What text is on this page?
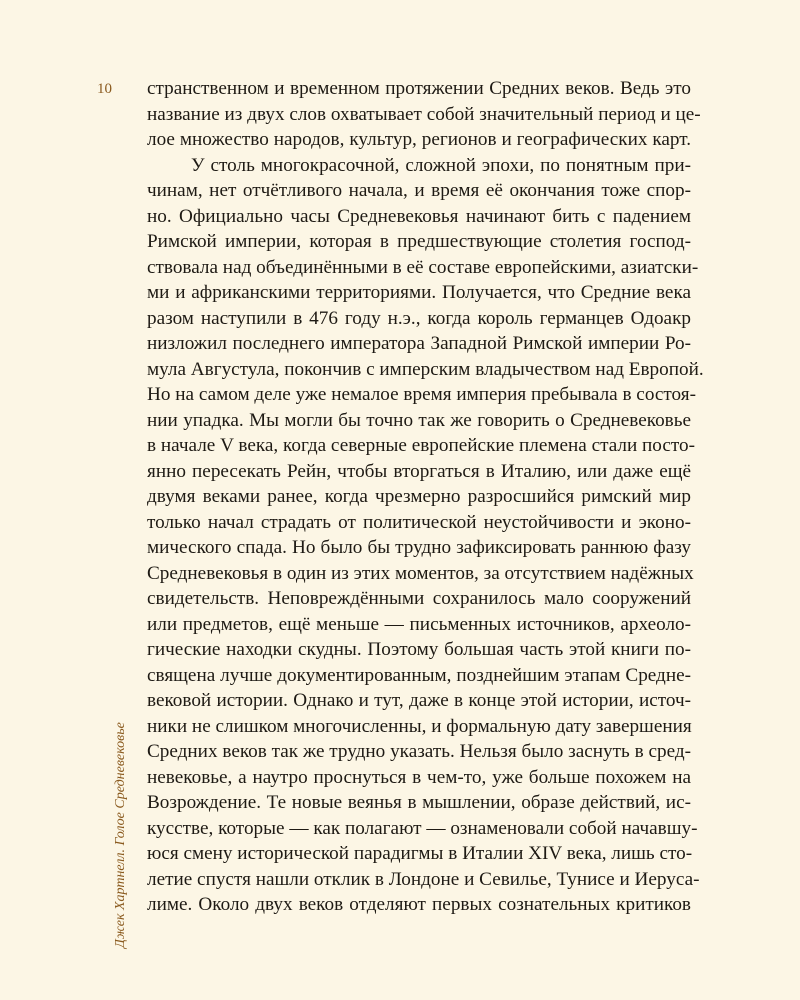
10
Джек Хартнелл. Голое Средневековье
странственном и временном протяжении Средних веков. Ведь это
название из двух слов охватывает собой значительный период и це-
лое множество народов, культур, регионов и географических карт.
У столь многокрасочной, сложной эпохи, по понятным при-
чинам, нет отчётливого начала, и время её окончания тоже спор-
но. Официально часы Средневековья начинают бить с падением
Римской империи, которая в предшествующие столетия господ-
ствовала над объединёнными в её составе европейскими, азиатски-
ми и африканскими территориями. Получается, что Средние века
разом наступили в 476 году н.э., когда король германцев Одоакр
низложил последнего императора Западной Римской империи Ро-
мула Августула, покончив с имперским владычеством над Европой.
Но на самом деле уже немалое время империя пребывала в состоя-
нии упадка. Мы могли бы точно так же говорить о Средневековье
в начале V века, когда северные европейские племена стали посто-
янно пересекать Рейн, чтобы вторгаться в Италию, или даже ещё
двумя веками ранее, когда чрезмерно разросшийся римский мир
только начал страдать от политической неустойчивости и эконо-
мического спада. Но было бы трудно зафиксировать раннюю фазу
Средневековья в один из этих моментов, за отсутствием надёжных
свидетельств. Неповреждёнными сохранилось мало сооружений
или предметов, ещё меньше — письменных источников, археоло-
гические находки скудны. Поэтому большая часть этой книги по-
священа лучше документированным, позднейшим этапам Средне-
вековой истории. Однако и тут, даже в конце этой истории, источ-
ники не слишком многочисленны, и формальную дату завершения
Средних веков так же трудно указать. Нельзя было заснуть в сред-
невековье, а наутро проснуться в чем-то, уже больше похожем на
Возрождение. Те новые веянья в мышлении, образе действий, ис-
кусстве, которые — как полагают — ознаменовали собой начавшу-
юся смену исторической парадигмы в Италии XIV века, лишь сто-
летие спустя нашли отклик в Лондоне и Севилье, Тунисе и Иеруса-
лиме. Около двух веков отделяют первых сознательных критиков
